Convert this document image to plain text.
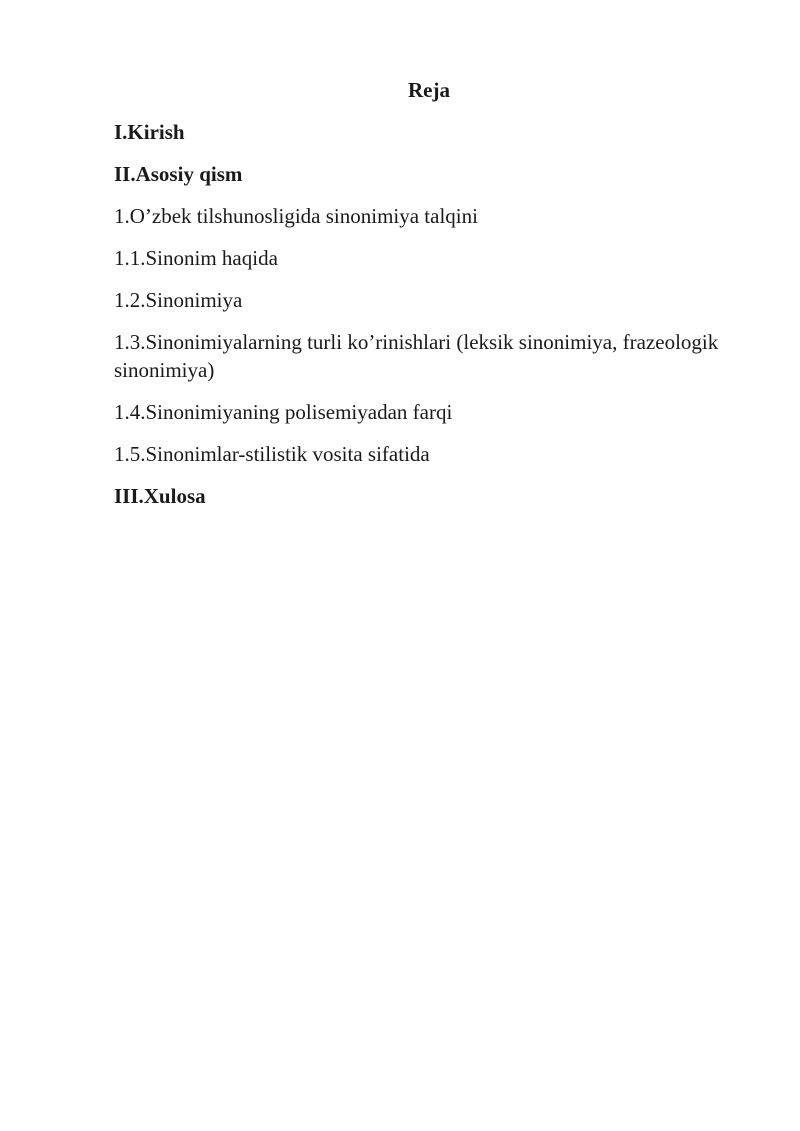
Reja
I.Kirish
II.Asosiy qism
1.O’zbek tilshunosligida sinonimiya talqini
1.1.Sinonim haqida
1.2.Sinonimiya
1.3.Sinonimiyalarning turli ko’rinishlari (leksik sinonimiya, frazeologik sinonimiya)
1.4.Sinonimiyaning polisemiyadan farqi
1.5.Sinonimlar-stilistik vosita sifatida
III.Xulosa
